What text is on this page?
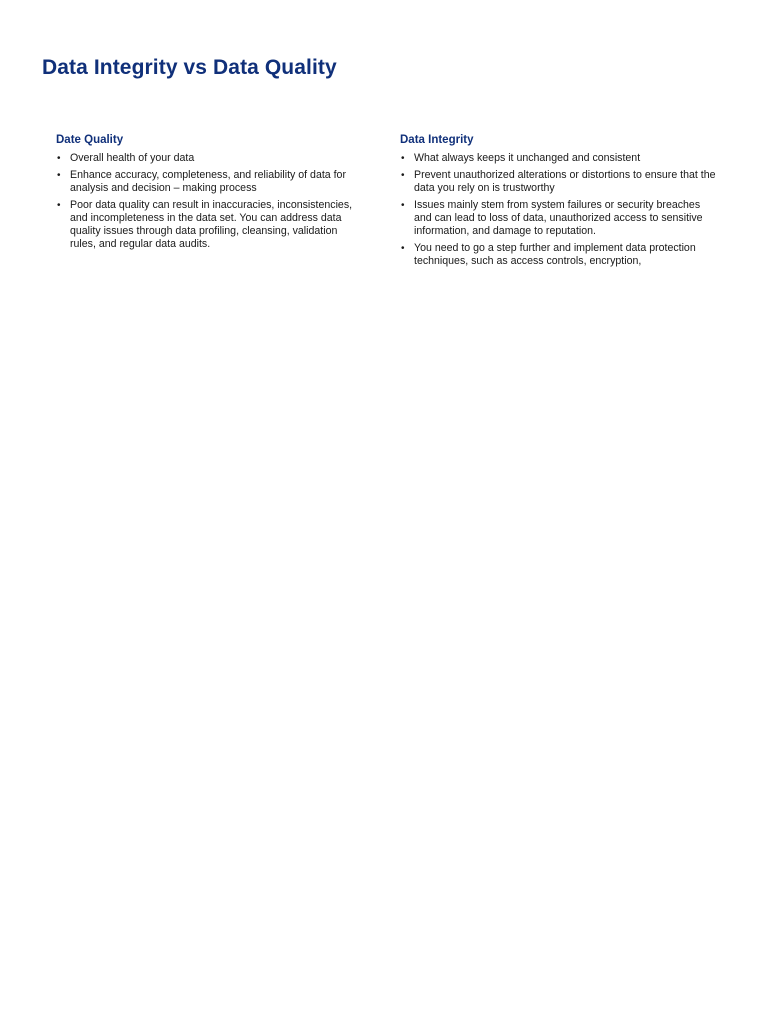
Data Integrity vs Data Quality
Date Quality
• Overall health of your data
• Enhance accuracy, completeness, and reliability of data for analysis and decision – making process
• Poor data quality can result in inaccuracies, inconsistencies, and incompleteness in the data set. You can address data quality issues through data profiling, cleansing, validation rules, and regular data audits.
Data Integrity
• What always keeps it unchanged and consistent
• Prevent unauthorized alterations or distortions to ensure that the data you rely on is trustworthy
• Issues mainly stem from system failures or security breaches and can lead to loss of data, unauthorized access to sensitive information, and damage to reputation.
• You need to go a step further and implement data protection techniques, such as access controls, encryption,
